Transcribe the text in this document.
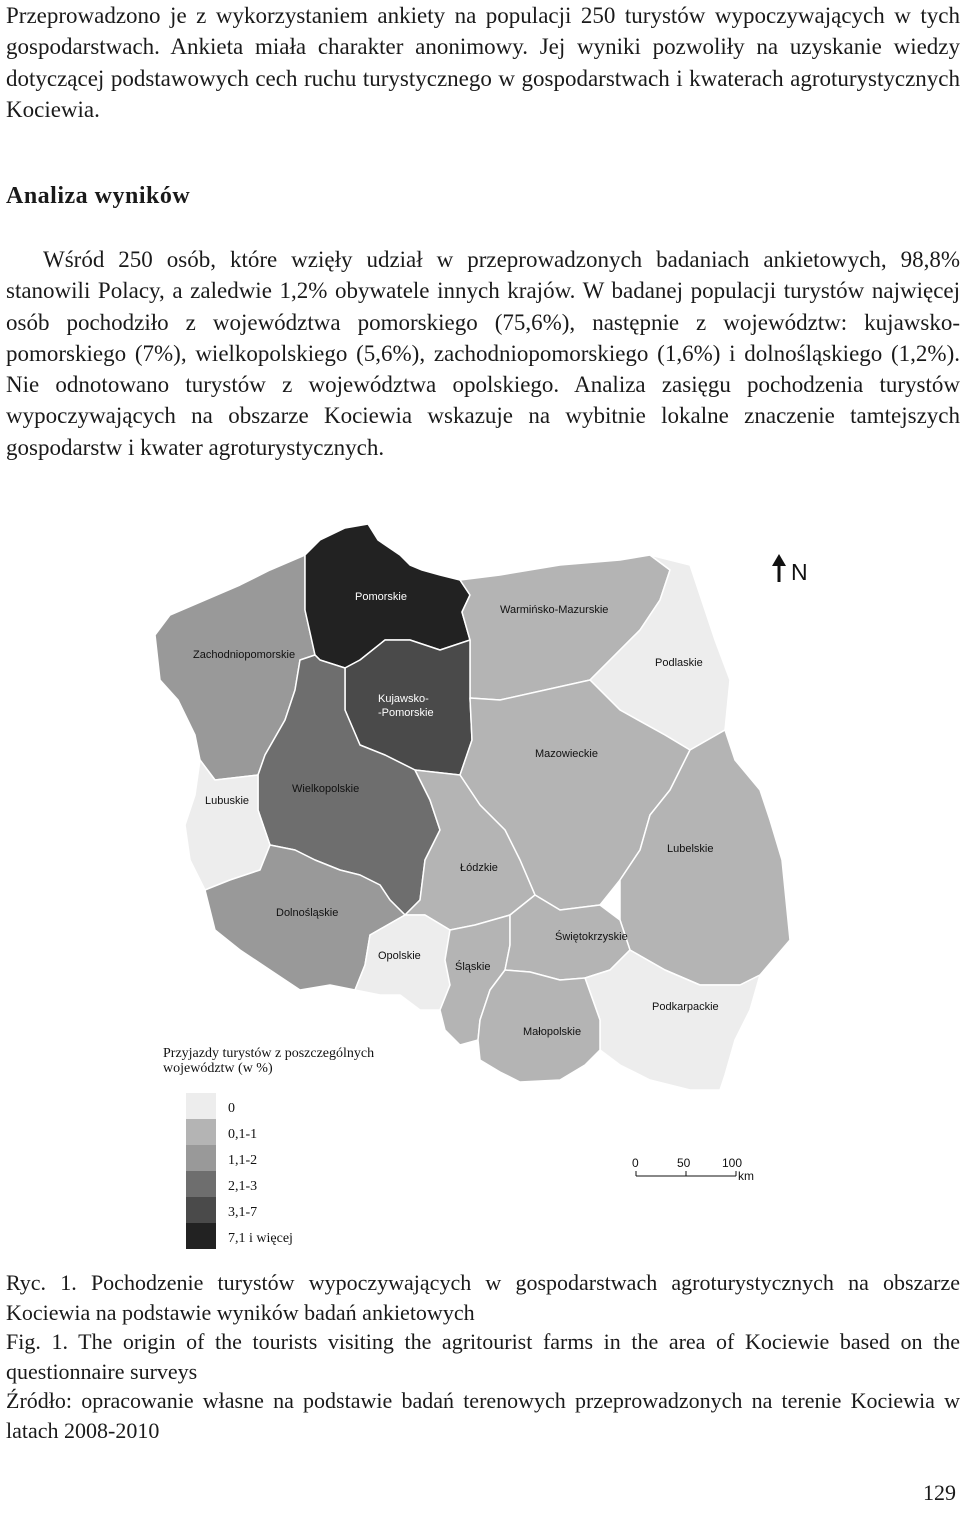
Przeprowadzono je z wykorzystaniem ankiety na populacji 250 turystów wypoczywających w tych gospodarstwach. Ankieta miała charakter anonimowy. Jej wyniki pozwoliły na uzyskanie wiedzy dotyczącej podstawowych cech ruchu turystycznego w gospodarstwach i kwaterach agroturystycznych Kociewia.
Analiza wyników
Wśród 250 osób, które wzięły udział w przeprowadzonych badaniach ankietowych, 98,8% stanowili Polacy, a zaledwie 1,2% obywatele innych krajów. W badanej populacji turystów najwięcej osób pochodziło z województwa pomorskiego (75,6%), następnie z województw: kujawsko-pomorskiego (7%), wielkopolskiego (5,6%), zachodniopomorskiego (1,6%) i dolnośląskiego (1,2%). Nie odnotowano turystów z województwa opolskiego. Analiza zasięgu pochodzenia turystów wypoczywających na obszarze Kociewia wskazuje na wybitnie lokalne znaczenie tamtejszych gospodarstw i kwater agroturystycznych.
Pomorskie
Warmińsko-Mazurskie
Zachodniopomorskie
Podlaskie
Kujawsko-
-Pomorskie
Mazowieckie
Wielkopolskie
Lubuskie
Lubelskie
Łódzkie
Dolnośląskie
Świętokrzyskie
Opolskie
Śląskie
Podkarpackie
Małopolskie
N
Przyjazdy turystów z poszczególnych
województw (w %)
0
0,1-1
1,1-2
2,1-3
3,1-7
7,1 i więcej
0	50	100
km
Ryc. 1. Pochodzenie turystów wypoczywających w gospodarstwach agroturystycznych na obszarze Kociewia na podstawie wyników badań ankietowych
Fig. 1. The origin of the tourists visiting the agritourist farms in the area of Kociewie based on the questionnaire surveys
Źródło: opracowanie własne na podstawie badań terenowych przeprowadzonych na terenie Kociewia w latach 2008-2010
129
